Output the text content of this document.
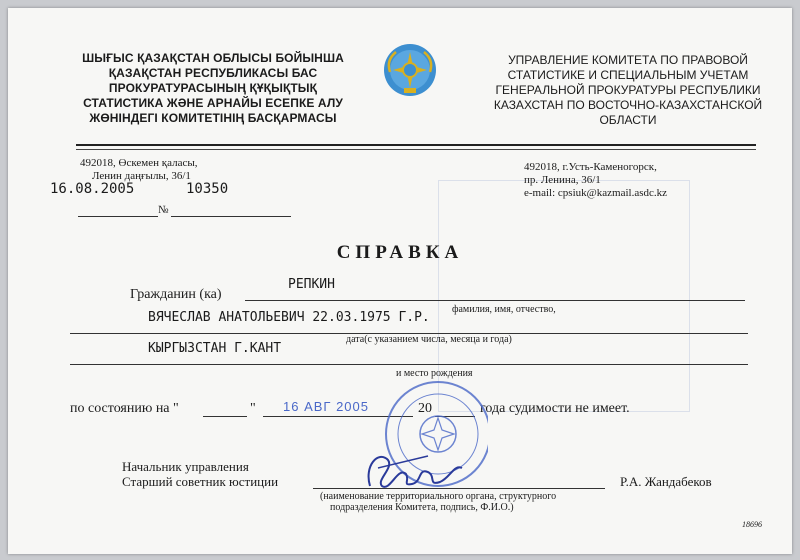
ШЫҒЫС ҚАЗАҚСТАН ОБЛЫСЫ БОЙЫНША
ҚАЗАҚСТАН РЕСПУБЛИКАСЫ БАС
ПРОКУРАТУРАСЫНЫҢ ҚҰҚЫҚТЫҚ
СТАТИСТИКА ЖӘНЕ АРНАЙЫ ЕСЕПКЕ АЛУ
ЖӨНІНДЕГІ КОМИТЕТІНІҢ БАСҚАРМАСЫ
УПРАВЛЕНИЕ КОМИТЕТА ПО ПРАВОВОЙ
СТАТИСТИКЕ И СПЕЦИАЛЬНЫМ УЧЕТАМ
ГЕНЕРАЛЬНОЙ ПРОКУРАТУРЫ РЕСПУБЛИКИ
КАЗАХСТАН ПО ВОСТОЧНО-КАЗАХСТАНСКОЙ
ОБЛАСТИ
492018, Өскемен қаласы,
Ленин даңғылы, 36/1
16.08.2005	10350
№
492018, г.Усть-Каменогорск,
пр. Ленина, 36/1
e-mail: cpsiuk@kazmail.asdc.kz
СПРАВКА
Гражданин (ка)
РЕПКИН
ВЯЧЕСЛАВ АНАТОЛЬЕВИЧ 22.03.1975 Г.Р.
фамилия, имя, отчество,
КЫРГЫЗСТАН Г.КАНТ
дата(с указанием числа, месяца и года)
и место рождения
по состоянию на "	" 16 АВГ 2005	20	года судимости не имеет.
Начальник управления
Старший советник юстиции	Р.А. Жандабеков
(наименование территориального органа, структурного
подразделения Комитета, подпись, Ф.И.О.)
18696
